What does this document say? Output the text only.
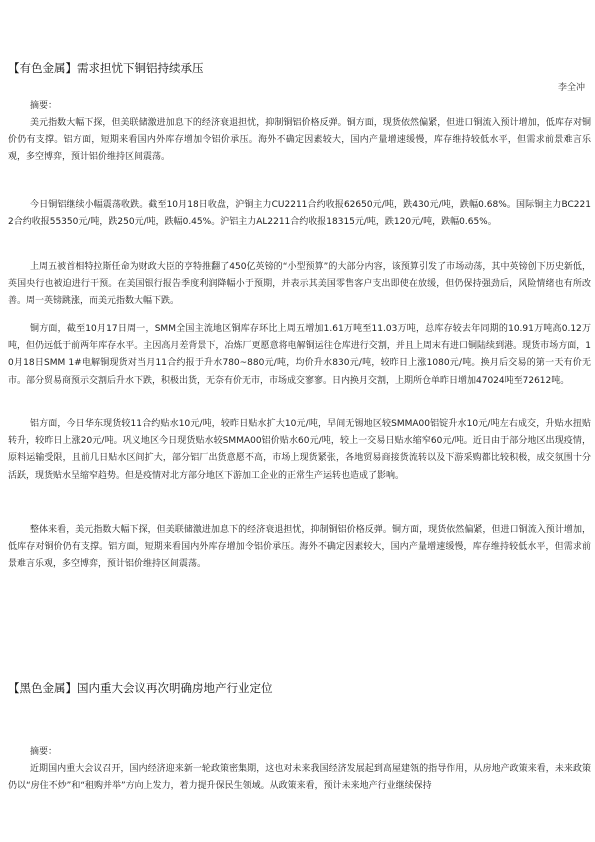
【有色金属】需求担忧下铜铝持续承压
李全冲
摘要：

美元指数大幅下探，但美联储激进加息下的经济衰退担忧，抑制铜铝价格反弹。铜方面，现货依然偏紧，但进口铜流入预计增加，低库存对铜价仍有支撑。铝方面，短期来看国内外库存增加令铝价承压。海外不确定因素较大，国内产量增速缓慢，库存维持较低水平，但需求前景难言乐观，多空博弈，预计铝价维持区间震荡。

今日铜铝继续小幅震荡收跌。截至10月18日收盘，沪铜主力CU2211合约收报62650元/吨，跌430元/吨，跌幅0.68%。国际铜主力BC2212合约收报55350元/吨，跌250元/吨，跌幅0.45%。沪铝主力AL2211合约收报18315元/吨，跌120元/吨，跌幅0.65%。

上周五被首相特拉斯任命为财政大臣的亨特推翻了450亿英镑的“小型预算”的大部分内容，该预算引发了市场动荡，其中英镑创下历史新低，英国央行也被迫进行干预。在美国银行报告季度利润降幅小于预期，并表示其美国零售客户支出即使在放缓，但仍保持强劲后，风险情绪也有所改善。周一英镑跳涨，而美元指数大幅下跌。

铜方面，截至10月17日周一，SMM全国主流地区铜库存环比上周五增加1.61万吨至11.03万吨，总库存较去年同期的10.91万吨高0.12万吨，但仍远低于前两年库存水平。主因高月差背景下，冶炼厂更愿意将电解铜运往仓库进行交割，并且上周末有进口铜陆续到港。现货市场方面，10月18日SMM 1#电解铜现货对当月11合约报于升水780~880元/吨，均价升水830元/吨，较昨日上涨1080元/吨。换月后交易的第一天有价无市。部分贸易商预示交割后升水下跌，积极出货，无奈有价无市，市场成交寥寥。日内换月交割，上期所仓单昨日增加47024吨至72612吨。

铝方面，今日华东现货较11合约贴水10元/吨，较昨日贴水扩大10元/吨，早间无锡地区较SMMA00铝锭升水10元/吨左右成交，升贴水扭贴转升，较昨日上涨20元/吨。巩义地区今日现货贴水较SMMA00铝价贴水60元/吨，较上一交易日贴水缩窄60元/吨。近日由于部分地区出现疫情，原料运输受限，且前几日贴水区间扩大，部分铝厂出货意愿不高，市场上现货紧张，各地贸易商接货流转以及下游采购都比较积极，成交氛围十分活跃，现货贴水呈缩窄趋势。但是疫情对北方部分地区下游加工企业的正常生产运转也造成了影响。

整体来看，美元指数大幅下探，但美联储激进加息下的经济衰退担忧，抑制铜铝价格反弹。铜方面，现货依然偏紧，但进口铜流入预计增加，低库存对铜价仍有支撑。铝方面，短期来看国内外库存增加令铝价承压。海外不确定因素较大，国内产量增速缓慢，库存维持较低水平，但需求前景难言乐观，多空博弈，预计铝价维持区间震荡。

【黑色金属】国内重大会议再次明确房地产行业定位
摘要：

近期国内重大会议召开，国内经济迎来新一轮政策密集期，这也对未来我国经济发展起到高屋建瓴的指导作用，从房地产政策来看，未来政策仍以“房住不炒”和“租购并举”方向上发力，着力提升保民生领域。从政策来看，预计未来地产行业继续保持
